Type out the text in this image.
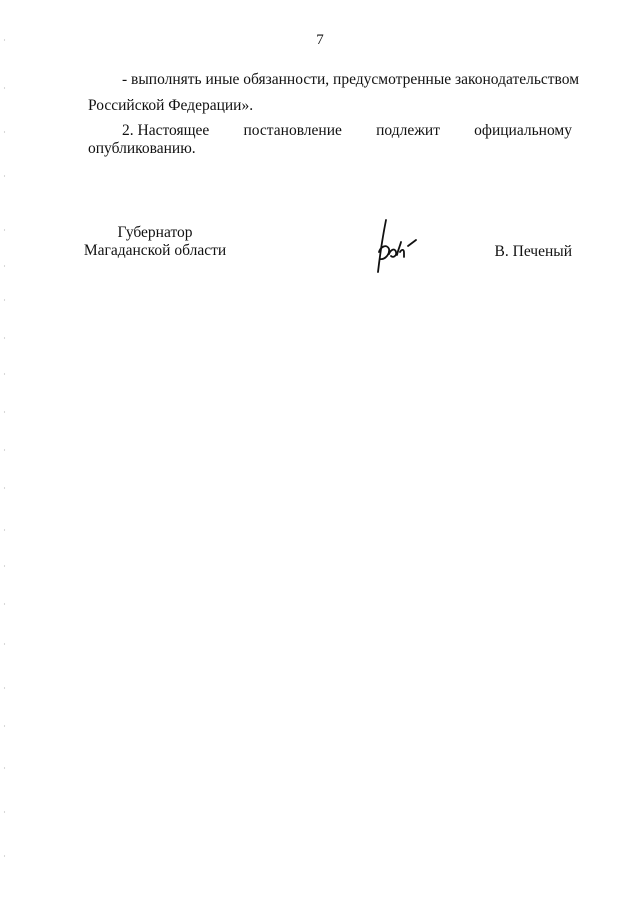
7

- выполнять иные обязанности, предусмотренные законодательством
Российской Федерации».

2. Настоящее постановление подлежит официальному
опубликованию.

Губернатор
Магаданской области	В. Печеный
